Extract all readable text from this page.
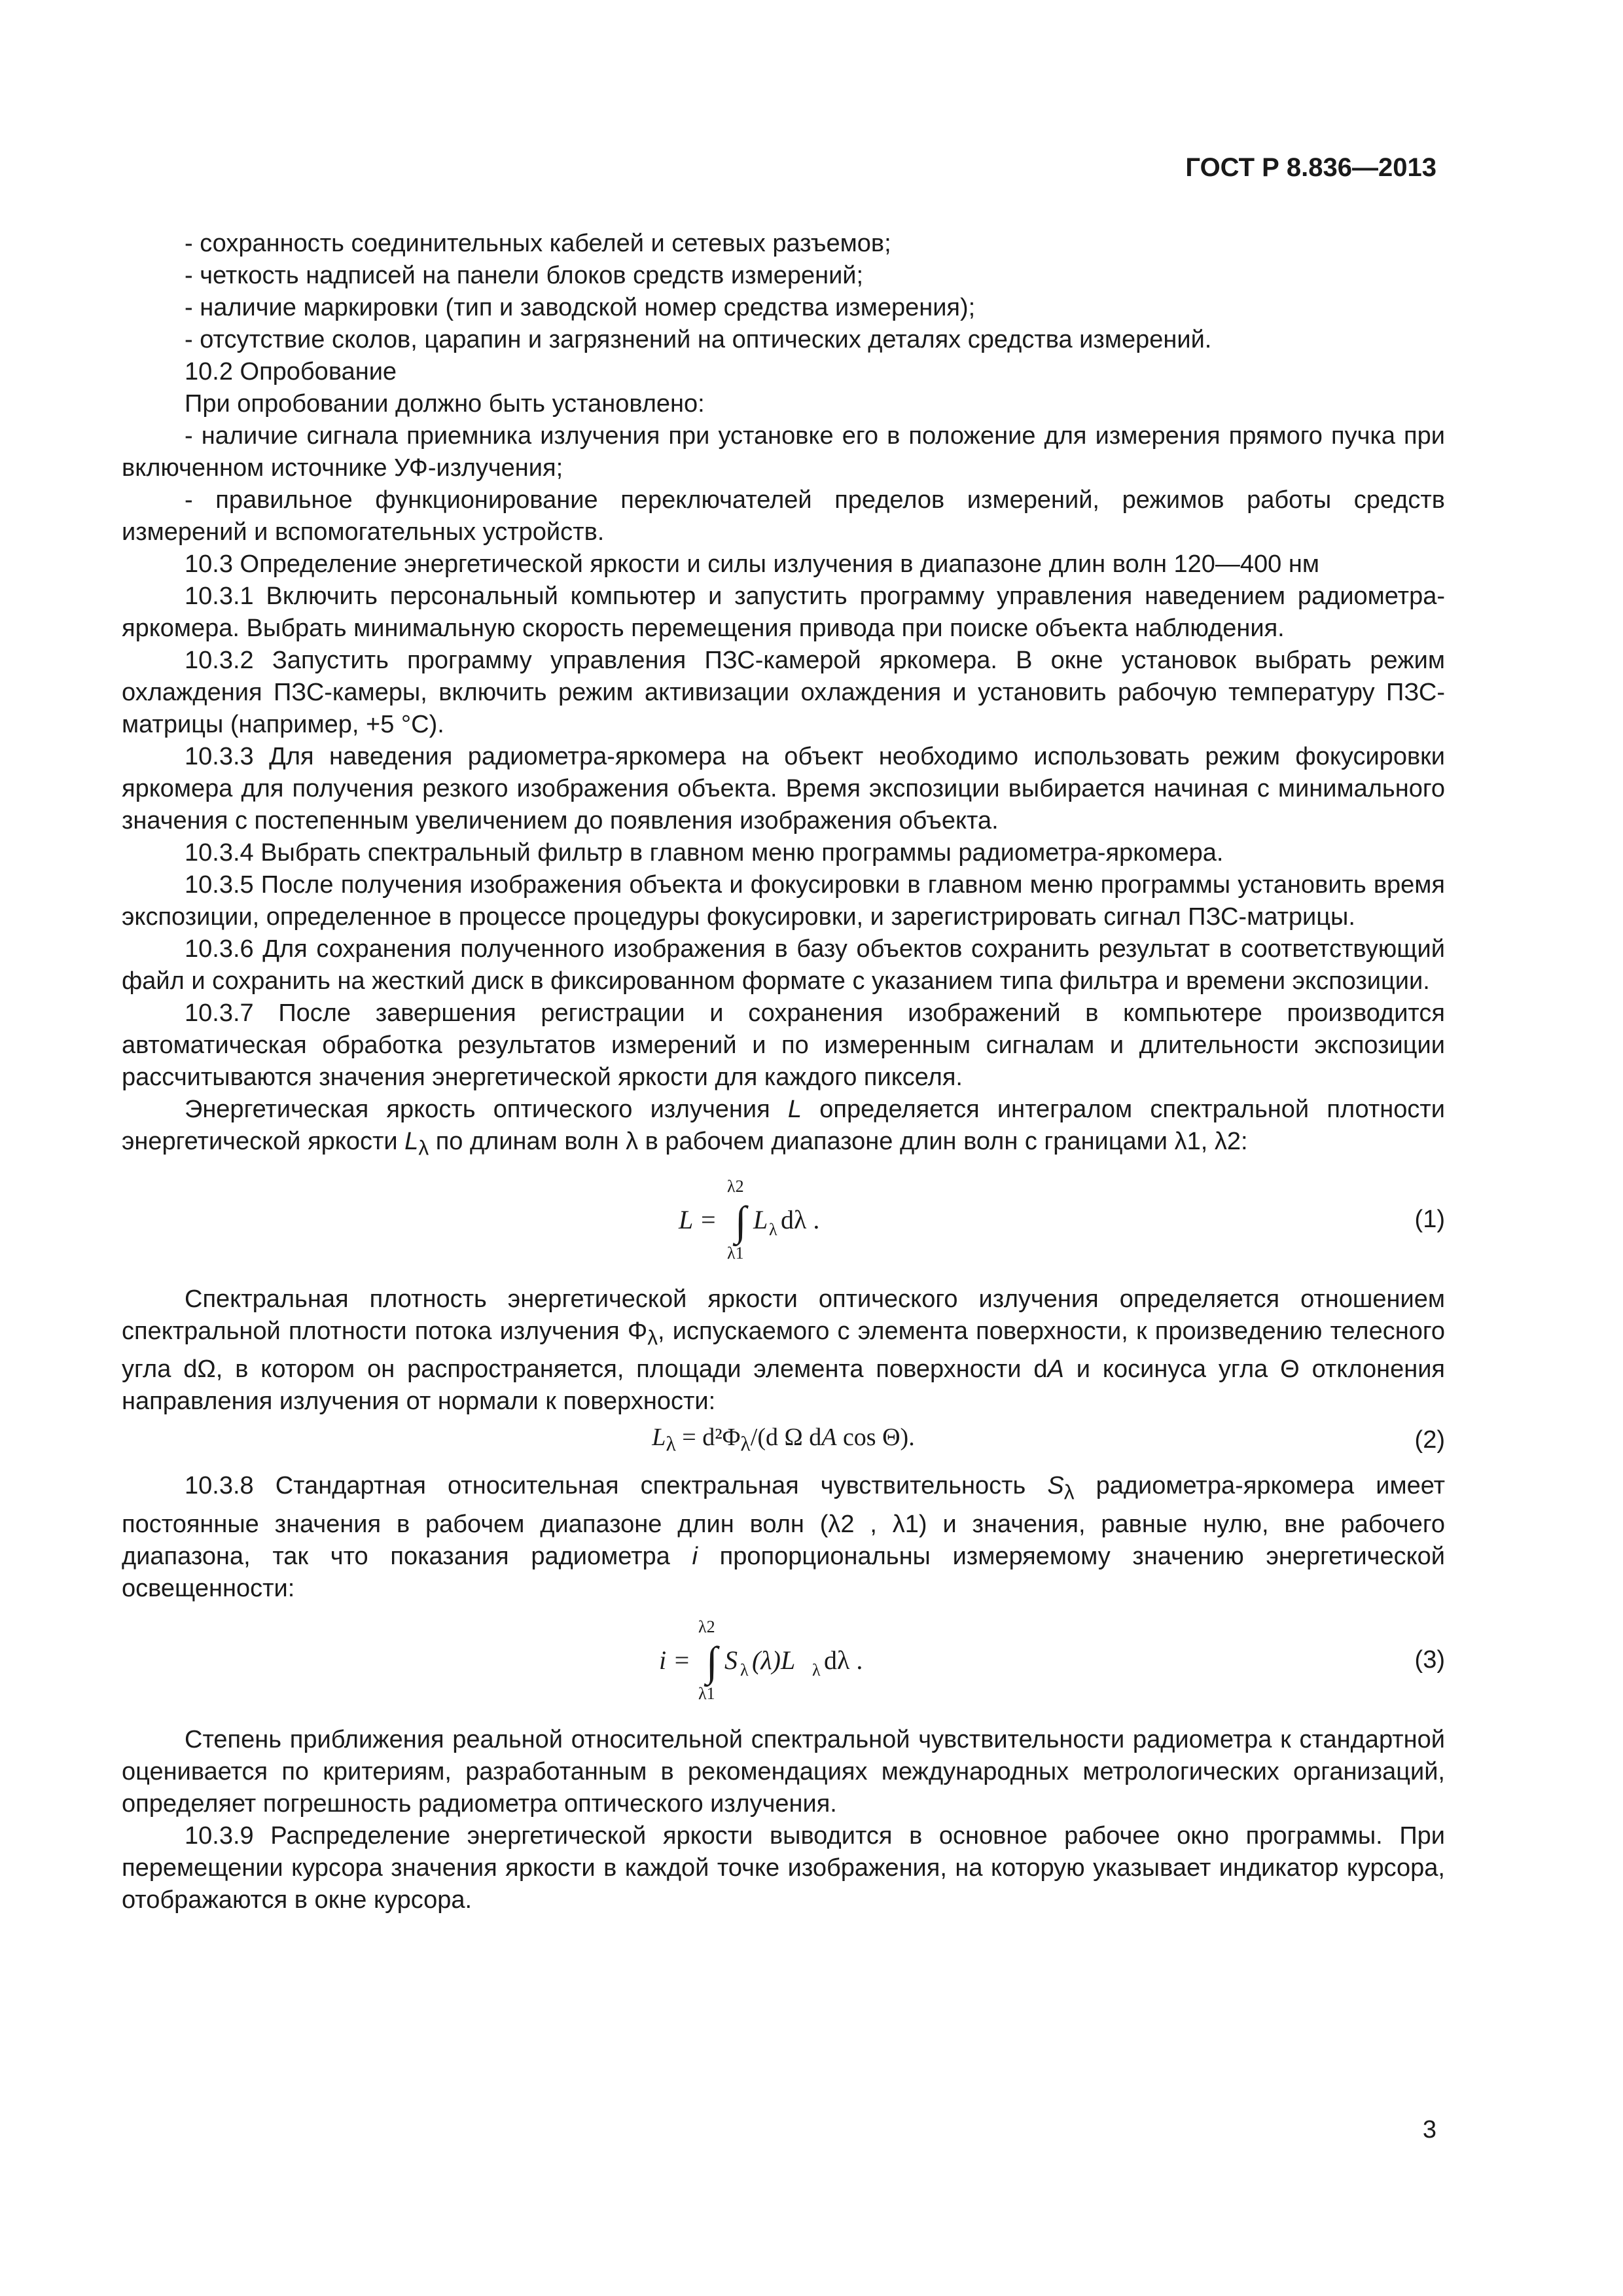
ГОСТ Р 8.836—2013

- сохранность соединительных кабелей и сетевых разъемов;

- четкость надписей на панели блоков средств измерений;

- наличие маркировки (тип и заводской номер средства измерения);

- отсутствие сколов, царапин и загрязнений на оптических деталях средства измерений.

10.2 Опробование

При опробовании должно быть установлено:

- наличие сигнала приемника излучения при установке его в положение для измерения прямого пучка при включенном источнике УФ-излучения;

- правильное функционирование переключателей пределов измерений, режимов работы средств измерений и вспомогательных устройств.

10.3 Определение энергетической яркости и силы излучения в диапазоне длин волн 120—400 нм

10.3.1 Включить персональный компьютер и запустить программу управления наведением радиометра-яркомера. Выбрать минимальную скорость перемещения привода при поиске объекта наблюдения.

10.3.2 Запустить программу управления ПЗС-камерой яркомера. В окне установок выбрать режим охлаждения ПЗС-камеры, включить режим активизации охлаждения и установить рабочую температуру ПЗС-матрицы (например, +5 °С).

10.3.3 Для наведения радиометра-яркомера на объект необходимо использовать режим фокусировки яркомера для получения резкого изображения объекта. Время экспозиции выбирается начиная с минимального значения с постепенным увеличением до появления изображения объекта.

10.3.4 Выбрать спектральный фильтр в главном меню программы радиометра-яркомера.

10.3.5 После получения изображения объекта и фокусировки в главном меню программы установить время экспозиции, определенное в процессе процедуры фокусировки, и зарегистрировать сигнал ПЗС-матрицы.

10.3.6 Для сохранения полученного изображения в базу объектов сохранить результат в соответствующий файл и сохранить на жесткий диск в фиксированном формате с указанием типа фильтра и времени экспозиции.

10.3.7 После завершения регистрации и сохранения изображений в компьютере производится автоматическая обработка результатов измерений и по измеренным сигналам и длительности экспозиции рассчитываются значения энергетической яркости для каждого пикселя.

Энергетическая яркость оптического излучения L определяется интегралом спектральной плотности энергетической яркости $L_\lambda$ по длинам волн λ в рабочем диапазоне длин волн с границами λ1, λ2:

L =
λ2
∫
λ1
L λ dλ .	(1)

Спектральная плотность энергетической яркости оптического излучения определяется отношением спектральной плотности потока излучения $\Phi_\lambda$, испускаемого с элемента поверхности, к произведению телесного угла dΩ, в котором он распространяется, площади элемента поверхности dA и косинуса угла Θ отклонения направления излучения от нормали к поверхности:

$L_\lambda = d^2\Phi_\lambda/(d$ Ω dA cos Θ).	(2)

10.3.8 Стандартная относительная спектральная чувствительность $S_\lambda$ радиометра-яркомера имеет постоянные значения в рабочем диапазоне длин волн (λ2 , λ1) и значения, равные нулю, вне рабочего диапазона, так что показания радиометра i пропорциональны измеряемому значению энергетической освещенности:

i =
λ2
∫
λ1
S λ (λ)L λ dλ .	(3)

Степень приближения реальной относительной спектральной чувствительности радиометра к стандартной оценивается по критериям, разработанным в рекомендациях международных метрологических организаций, определяет погрешность радиометра оптического излучения.

10.3.9 Распределение энергетической яркости выводится в основное рабочее окно программы. При перемещении курсора значения яркости в каждой точке изображения, на которую указывает индикатор курсора, отображаются в окне курсора.

3
